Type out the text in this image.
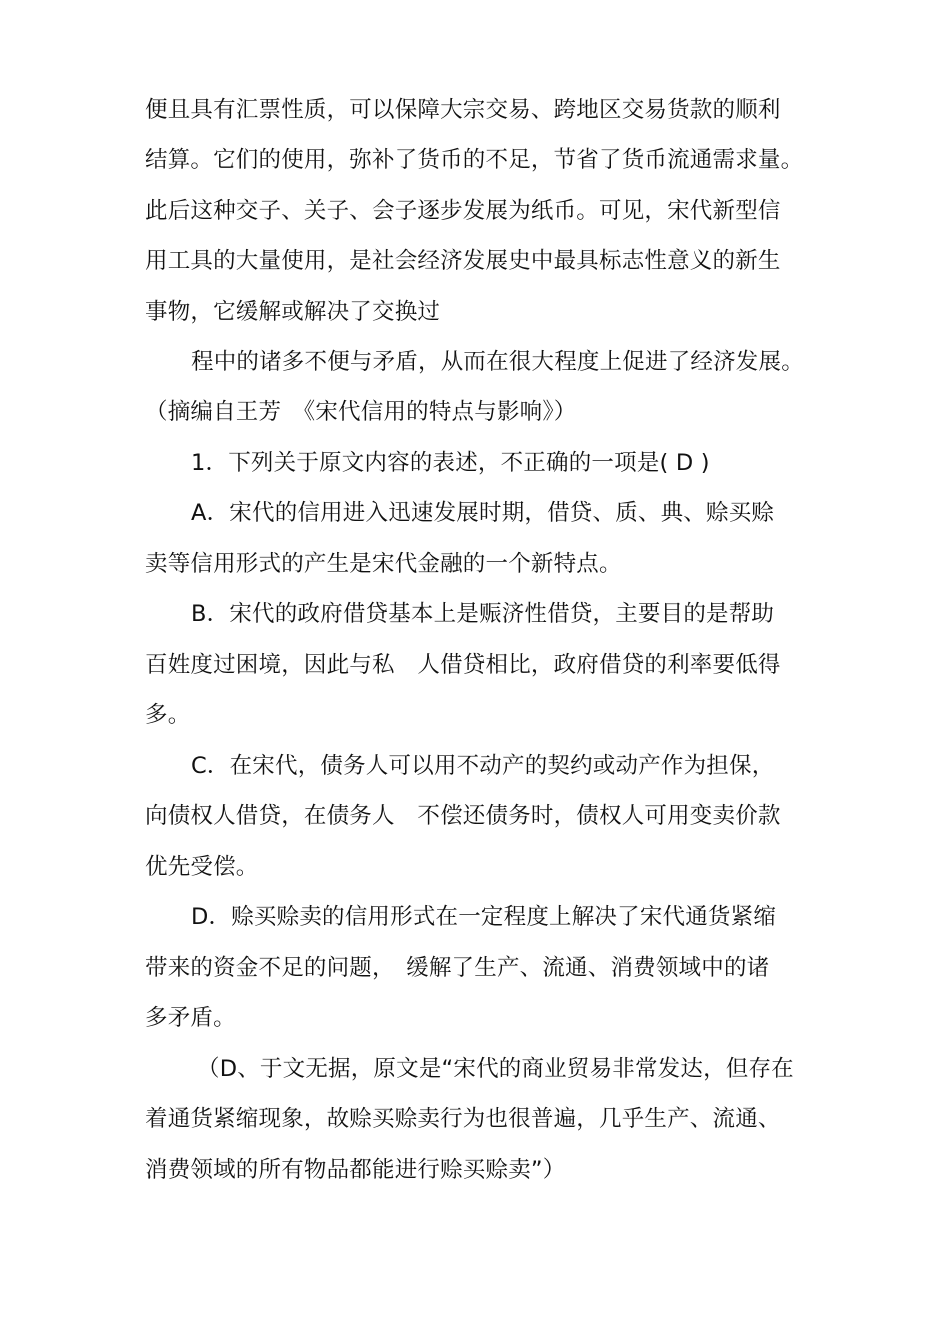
便且具有汇票性质，可以保障大宗交易、跨地区交易货款的顺利
结算。它们的使用，弥补了货币的不足，节省了货币流通需求量。
此后这种交子、关子、会子逐步发展为纸币。可见，宋代新型信
用工具的大量使用，是社会经济发展史中最具标志性意义的新生
事物，它缓解或解决了交换过
程中的诸多不便与矛盾，从而在很大程度上促进了经济发展。
（摘编自王芳　《宋代信用的特点与影响》）
1．下列关于原文内容的表述，不正确的一项是( D )
A．宋代的信用进入迅速发展时期，借贷、质、典、赊买赊
卖等信用形式的产生是宋代金融的一个新特点。
B．宋代的政府借贷基本上是赈济性借贷，主要目的是帮助
百姓度过困境，因此与私　人借贷相比，政府借贷的利率要低得
多。
C．在宋代，债务人可以用不动产的契约或动产作为担保，
向债权人借贷，在债务人　不偿还债务时，债权人可用变卖价款
优先受偿。
D．赊买赊卖的信用形式在一定程度上解决了宋代通货紧缩
带来的资金不足的问题，　缓解了生产、流通、消费领域中的诸
多矛盾。
（D、于文无据，原文是“宋代的商业贸易非常发达，但存在
着通货紧缩现象，故赊买赊卖行为也很普遍，几乎生产、流通、
消费领域的所有物品都能进行赊买赊卖”）
